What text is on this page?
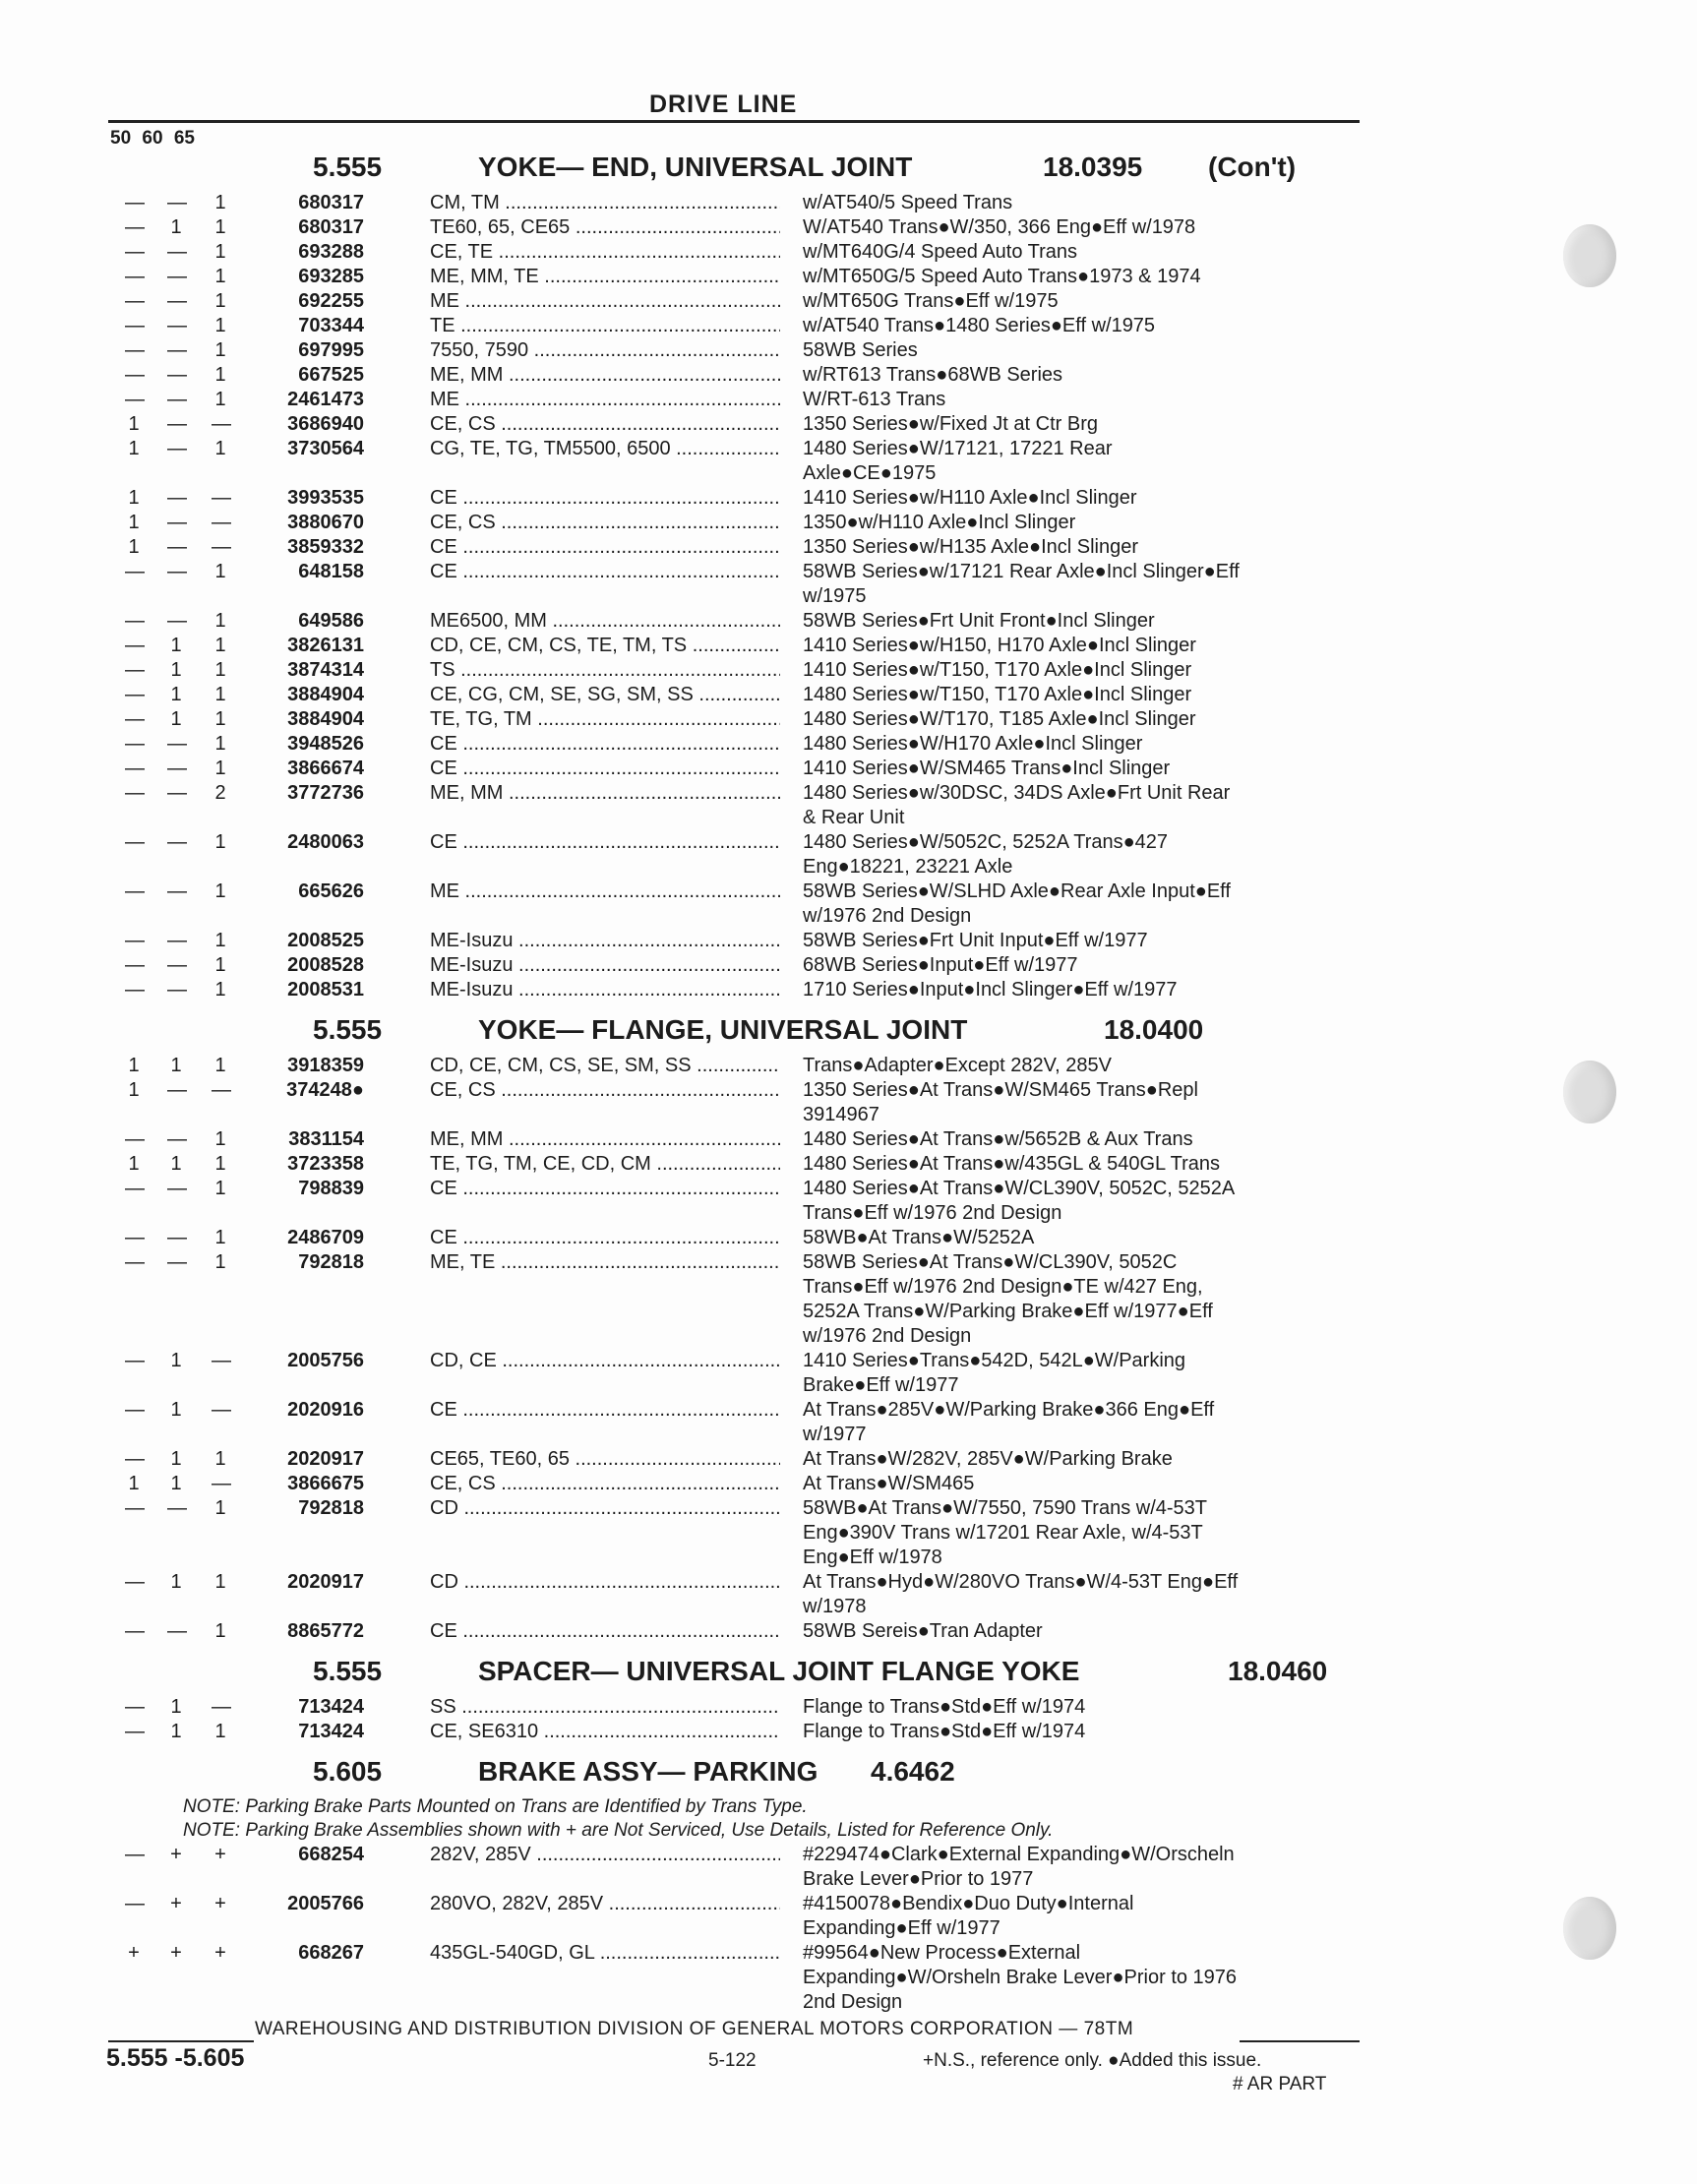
DRIVE LINE
50 60 65
5.555	YOKE— END, UNIVERSAL JOINT	18.0395 (Con't)
— — 1	680317	CM, TM .....	w/AT540/5 Speed Trans
— 1 1	680317	TE60, 65, CE65 .....	W/AT540 Trans●W/350, 366 Eng●Eff w/1978
— — 1	693288	CE, TE .....	w/MT640G/4 Speed Auto Trans
— — 1	693285	ME, MM, TE .....	w/MT650G/5 Speed Auto Trans●1973 & 1974
— — 1	692255	ME .....	w/MT650G Trans●Eff w/1975
— — 1	703344	TE .....	w/AT540 Trans●1480 Series●Eff w/1975
— — 1	697995	7550, 7590 .....	58WB Series
— — 1	667525	ME, MM .....	w/RT613 Trans●68WB Series
— — 1	2461473	ME .....	W/RT-613 Trans
1 — —	3686940	CE, CS .....	1350 Series●w/Fixed Jt at Ctr Brg
1 — 1	3730564	CG, TE, TG, TM5500, 6500 .....	1480 Series●W/17121, 17221 Rear
Axle●CE●1975
1 — —	3993535	CE .....	1410 Series●w/H110 Axle●Incl Slinger
1 — —	3880670	CE, CS .....	1350●w/H110 Axle●Incl Slinger
1 — —	3859332	CE .....	1350 Series●w/H135 Axle●Incl Slinger
— — 1	648158	CE .....	58WB Series●w/17121 Rear Axle●Incl Slinger●Eff
w/1975
— — 1	649586	ME6500, MM .....	58WB Series●Frt Unit Front●Incl Slinger
— 1 1	3826131	CD, CE, CM, CS, TE, TM, TS .....	1410 Series●w/H150, H170 Axle●Incl Slinger
— 1 1	3874314	TS .....	1410 Series●w/T150, T170 Axle●Incl Slinger
— 1 1	3884904	CE, CG, CM, SE, SG, SM, SS .....	1480 Series●w/T150, T170 Axle●Incl Slinger
— 1 1	3884904	TE, TG, TM .....	1480 Series●W/T170, T185 Axle●Incl Slinger
— — 1	3948526	CE .....	1480 Series●W/H170 Axle●Incl Slinger
— — 1	3866674	CE .....	1410 Series●W/SM465 Trans●Incl Slinger
— — 2	3772736	ME, MM .....	1480 Series●w/30DSC, 34DS Axle●Frt Unit Rear
& Rear Unit
— — 1	2480063	CE .....	1480 Series●W/5052C, 5252A Trans●427
Eng●18221, 23221 Axle
— — 1	665626	ME .....	58WB Series●W/SLHD Axle●Rear Axle Input●Eff
w/1976 2nd Design
— — 1	2008525	ME-Isuzu .....	58WB Series●Frt Unit Input●Eff w/1977
— — 1	2008528	ME-Isuzu .....	68WB Series●Input●Eff w/1977
— — 1	2008531	ME-Isuzu .....	1710 Series●Input●Incl Slinger●Eff w/1977
5.555	YOKE— FLANGE, UNIVERSAL JOINT	18.0400
1 1 1	3918359	CD, CE, CM, CS, SE, SM, SS .....	Trans●Adapter●Except 282V, 285V
1 — —	374248●	CE, CS .....	1350 Series●At Trans●W/SM465 Trans●Repl
3914967
— — 1	3831154	ME, MM .....	1480 Series●At Trans●w/5652B & Aux Trans
1 1 1	3723358	TE, TG, TM, CE, CD, CM .....	1480 Series●At Trans●w/435GL & 540GL Trans
— — 1	798839	CE .....	1480 Series●At Trans●W/CL390V, 5052C, 5252A
Trans●Eff w/1976 2nd Design
— — 1	2486709	CE .....	58WB●At Trans●W/5252A
— — 1	792818	ME, TE .....	58WB Series●At Trans●W/CL390V, 5052C
Trans●Eff w/1976 2nd Design●TE w/427 Eng,
5252A Trans●W/Parking Brake●Eff w/1977●Eff
w/1976 2nd Design
— 1 —	2005756	CD, CE .....	1410 Series●Trans●542D, 542L●W/Parking
Brake●Eff w/1977
— 1 —	2020916	CE .....	At Trans●285V●W/Parking Brake●366 Eng●Eff
w/1977
— 1 1	2020917	CE65, TE60, 65 .....	At Trans●W/282V, 285V●W/Parking Brake
1 1 —	3866675	CE, CS .....	At Trans●W/SM465
— — 1	792818	CD .....	58WB●At Trans●W/7550, 7590 Trans w/4-53T
Eng●390V Trans w/17201 Rear Axle, w/4-53T
Eng●Eff w/1978
— 1 1	2020917	CD .....	At Trans●Hyd●W/280VO Trans●W/4-53T Eng●Eff
w/1978
— — 1	8865772	CE .....	58WB Sereis●Tran Adapter
5.555	SPACER— UNIVERSAL JOINT FLANGE YOKE	18.0460
— 1 —	713424	SS .....	Flange to Trans●Std●Eff w/1974
— 1 1	713424	CE, SE6310 .....	Flange to Trans●Std●Eff w/1974
5.605	BRAKE ASSY— PARKING 4.6462
NOTE: Parking Brake Parts Mounted on Trans are Identified by Trans Type.
NOTE: Parking Brake Assemblies shown with + are Not Serviced, Use Details, Listed for Reference Only.
— + +	668254	282V, 285V .....	#229474●Clark●External Expanding●W/Orscheln
Brake Lever●Prior to 1977
— + +	2005766	280VO, 282V, 285V .....	#4150078●Bendix●Duo Duty●Internal
Expanding●Eff w/1977
+ + +	668267	435GL-540GD, GL .....	#99564●New Process●External
Expanding●W/Orsheln Brake Lever●Prior to 1976
2nd Design
WAREHOUSING AND DISTRIBUTION DIVISION OF GENERAL MOTORS CORPORATION — 78TM
5.555 -5.605	5-122	+N.S., reference only. ●Added this issue.
# AR PART
